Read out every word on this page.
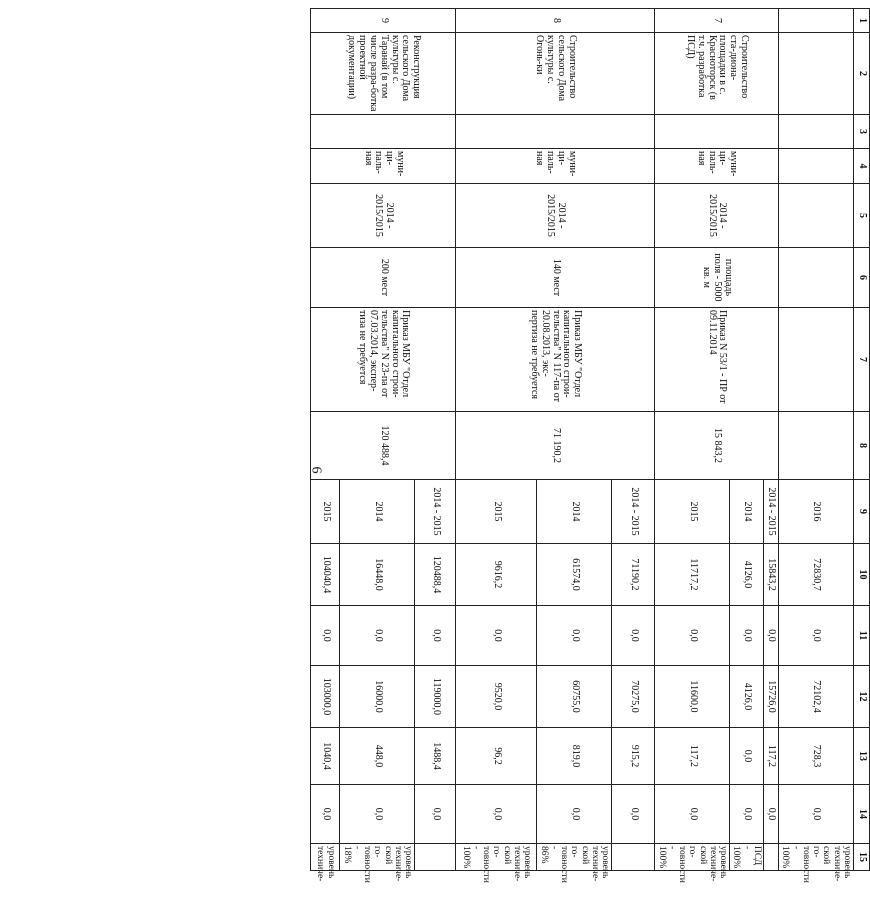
6
1	2	3	4	5	6	7	8	9	10	11	12	13	14	15
								2016	72830,7	0,0	72102,4	728,3	0,0	уровень техниче-ской го-товности - 100%
7	Строительство ста-дионa-площадки в с. Красноторск (в т.ч. разработка ПСД)		муни-ци-паль-ная	2014 - 2015/2015	площадь поля - 5000 кв. м	Приказ N 53/1 - ПР от 09.11.2014	15 843,2	2014 - 2015	15843,2	0,0	15726,0	117,2	0,0	
								2014	4126,0	0,0	4126,0	0,0	0,0	ПСД - 100%
								2015	11717,2	0,0	11600,0	117,2	0,0	уровень техниче-ской го-товности - 100%
8	Строительство сельского Дома культуры с. Огонь-ки		муни-ци-паль-ная	2014 - 2015/2015	140 мест	Приказ МБУ "Отдел капитального строи-тельства" N 117-па от 20.08.2013, экс-пертиза не требуется	71 190,2	2014 - 2015	71190,2	0,0	70275,0	915,2	0,0	
								2014	61574,0	0,0	60755,0	819,0	0,0	уровень техниче-ской го-товности - 86%
								2015	9616,2	0,0	9520,0	96,2	0,0	уровень техниче-ской го-товности - 100%
9	Реконструкция сельского Дома культуры с. Таранай (в том числе разра-ботка проектной документации)		муни-ци-паль-ная	2014 - 2015/2015	200 мест	Приказ МБУ "Отдел капитального строи-тельства" N 23-па от 07.03.2014, экспер-тиза не требуется	120 488,4	2014 - 2015	120488,4	0,0	119000,0	1488,4	0,0	
								2014	16448,0	0,0	16000,0	448,0	0,0	уровень техниче-ской го-товности - 18%
								2015	104040,4	0,0	103000,0	1040,4	0,0	уровень техниче-
